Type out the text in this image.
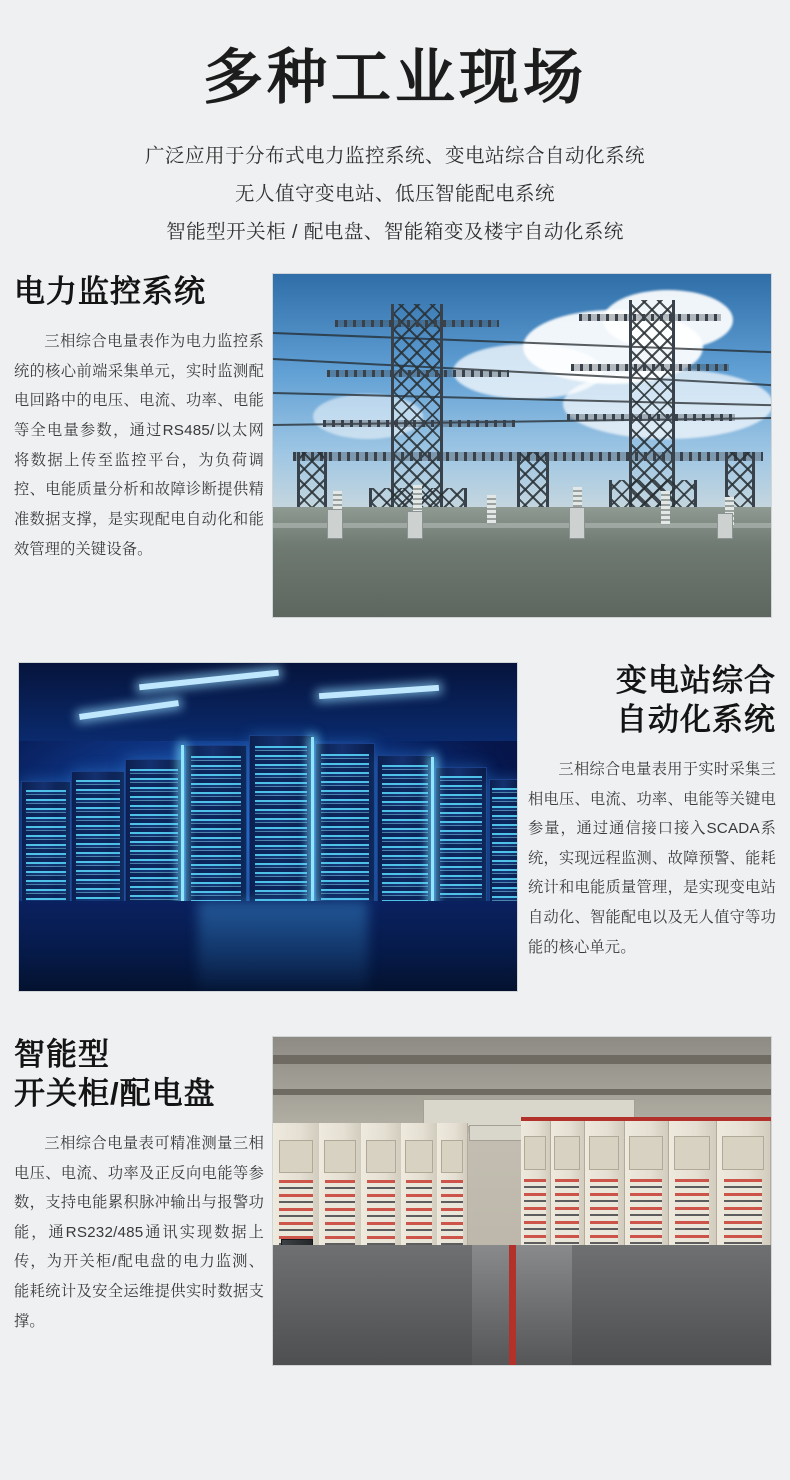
多种工业现场
广泛应用于分布式电力监控系统、变电站综合自动化系统
无人值守变电站、低压智能配电系统
智能型开关柜 / 配电盘、智能箱变及楼宇自动化系统
电力监控系统

三相综合电量表作为电力监控系统的核心前端采集单元，实时监测配电回路中的电压、电流、功率、电能等全电量参数，通过RS485/以太网将数据上传至监控平台，为负荷调控、电能质量分析和故障诊断提供精准数据支撑，是实现配电自动化和能效管理的关键设备。

变电站综合
自动化系统

三相综合电量表用于实时采集三相电压、电流、功率、电能等关键电参量，通过通信接口接入SCADA系统，实现远程监测、故障预警、能耗统计和电能质量管理，是实现变电站自动化、智能配电以及无人值守等功能的核心单元。

智能型
开关柜/配电盘

三相综合电量表可精准测量三相电压、电流、功率及正反向电能等参数，支持电能累积脉冲输出与报警功能，通RS232/485通讯实现数据上传，为开关柜/配电盘的电力监测、能耗统计及安全运维提供实时数据支撑。
